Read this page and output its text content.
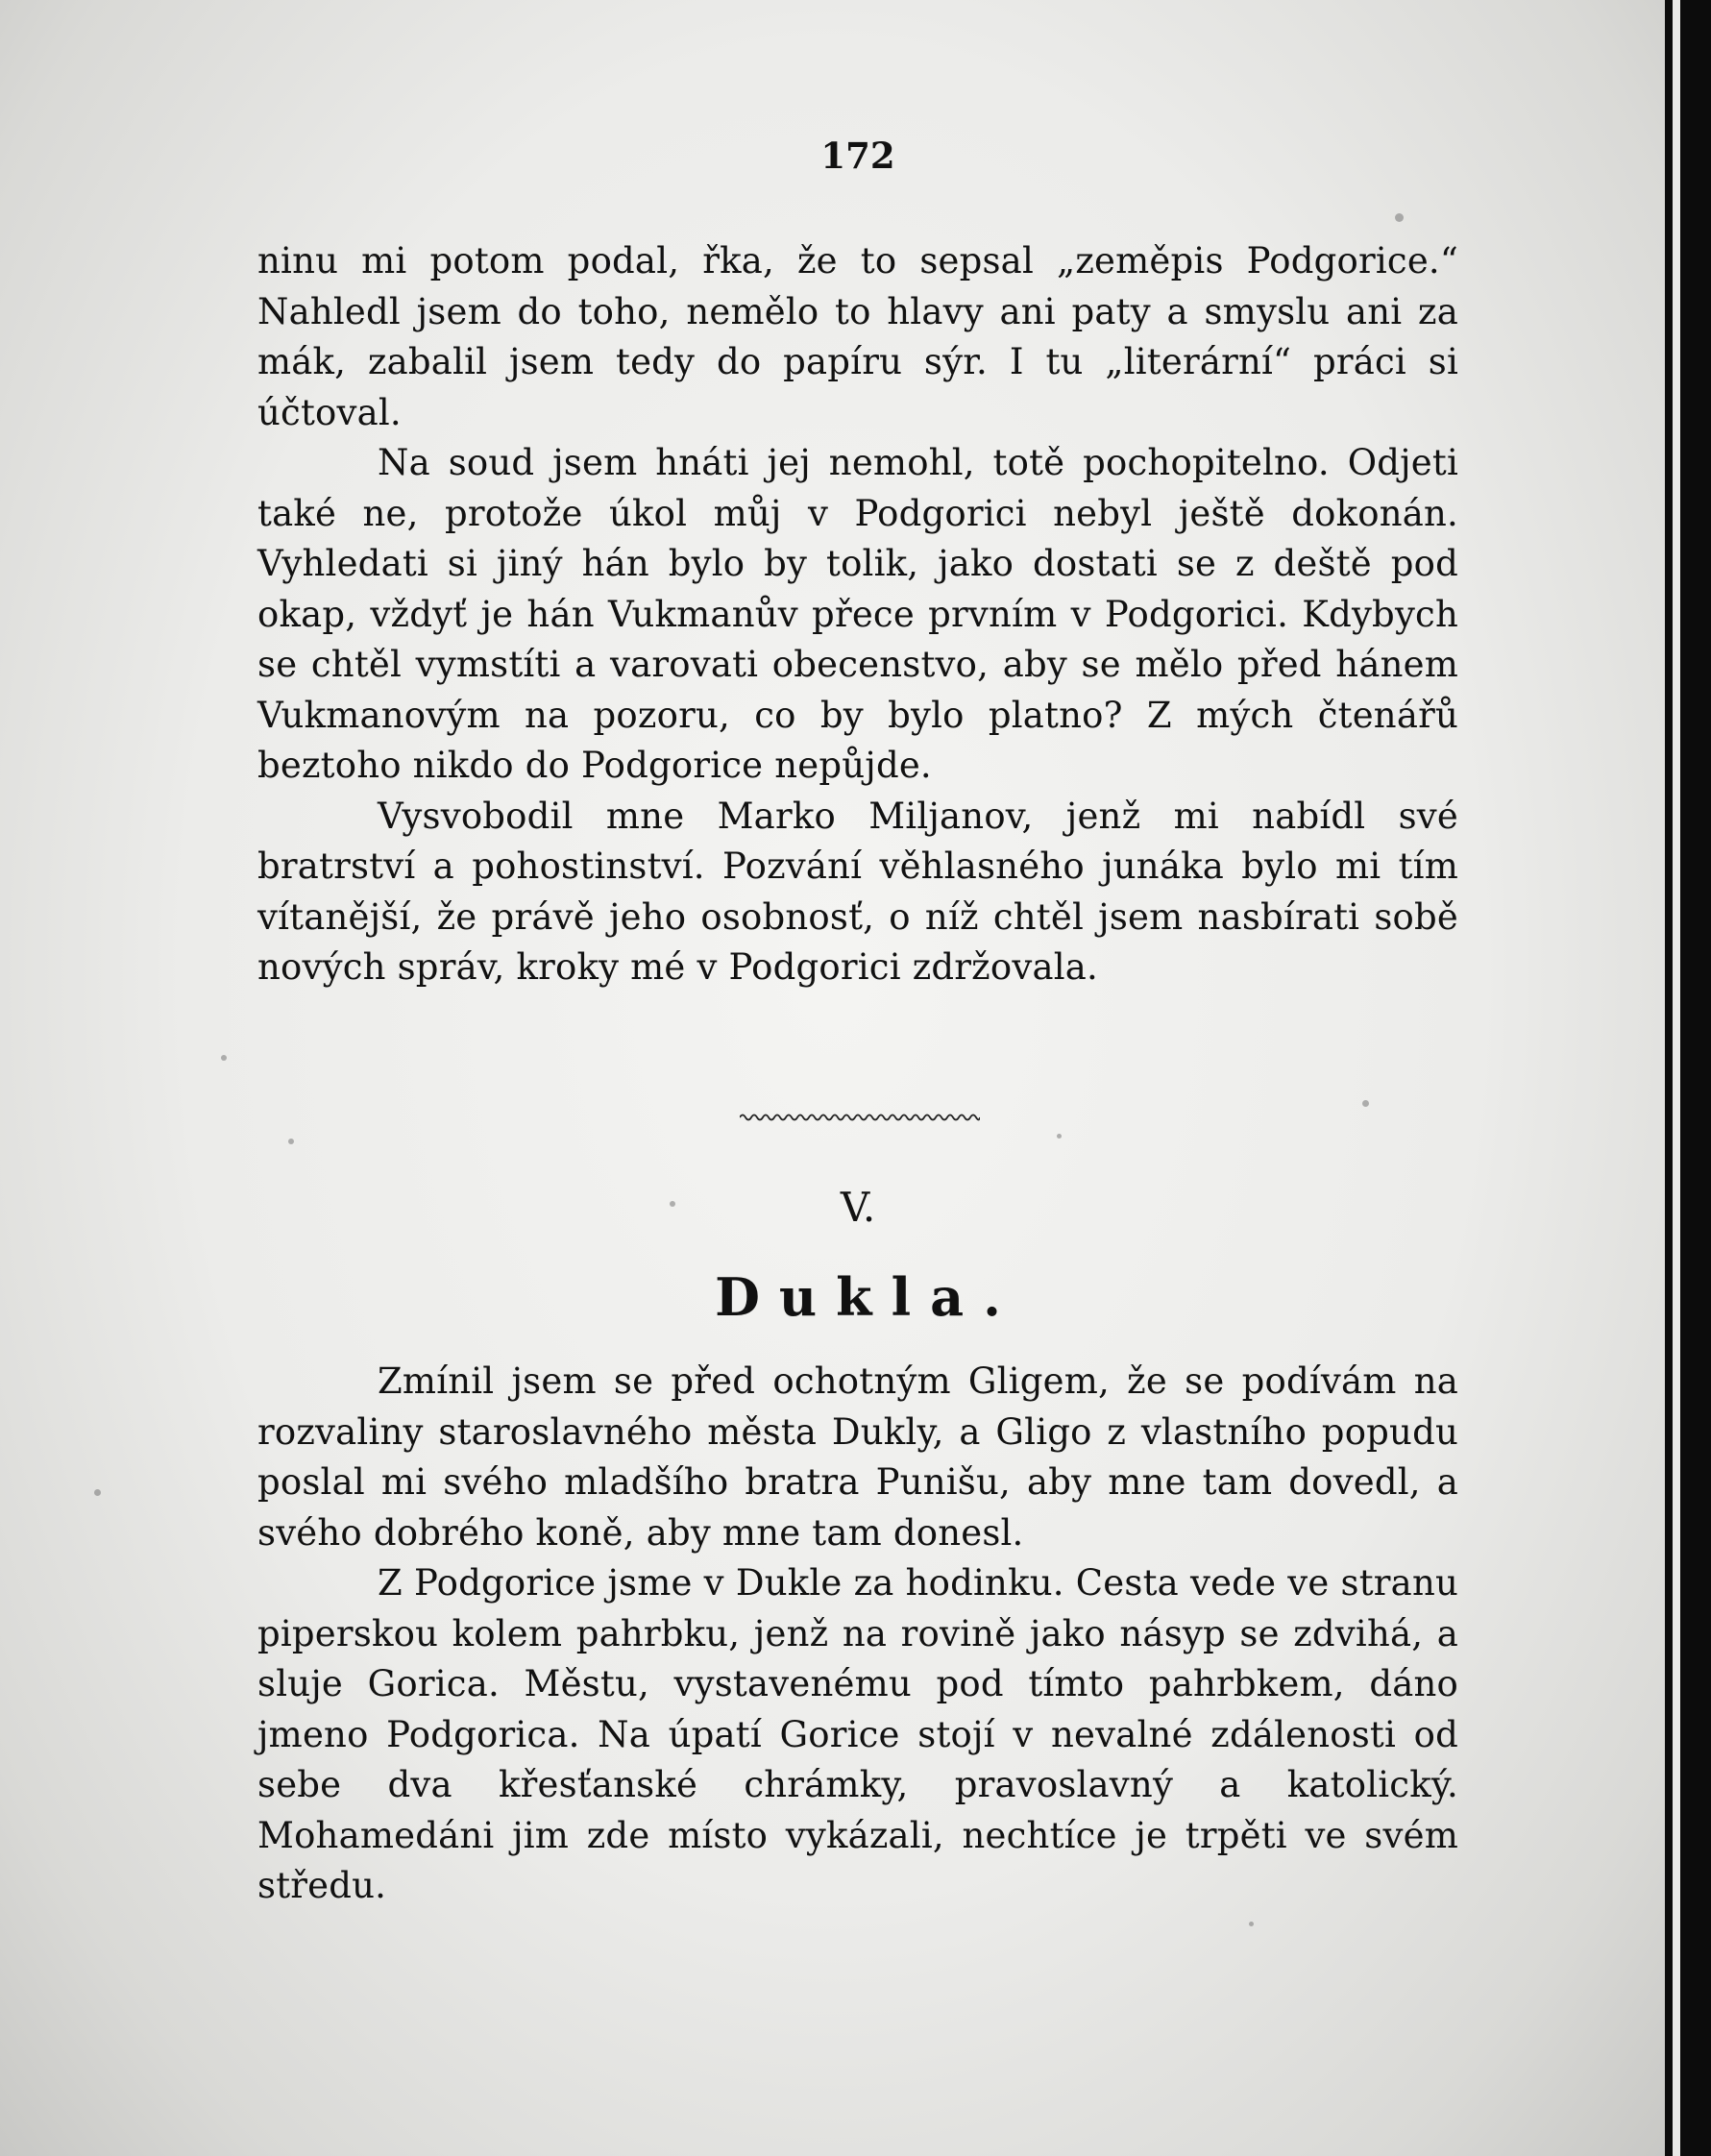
172

ninu mi potom podal, řka, že to sepsal „zeměpis Podgorice.“ Nahledl jsem do toho, nemělo to hlavy ani paty a smyslu ani za mák, zabalil jsem tedy do papíru sýr. I tu „literární“ práci si účtoval.

Na soud jsem hnáti jej nemohl, totě pochopitelno. Odjeti také ne, protože úkol můj v Podgorici nebyl ještě dokonán. Vyhledati si jiný hán bylo by tolik, jako dostati se z deště pod okap, vždyť je hán Vukmanův přece prvním v Podgorici. Kdybych se chtěl vymstíti a varovati obecenstvo, aby se mělo před hánem Vukmanovým na pozoru, co by bylo platno? Z mých čtenářů beztoho nikdo do Podgorice nepůjde.

Vysvobodil mne Marko Miljanov, jenž mi nabídl své bratrství a pohostinství. Pozvání věhlasného junáka bylo mi tím vítanější, že právě jeho osobnosť, o níž chtěl jsem nasbírati sobě nových správ, kroky mé v Podgorici zdržovala.

V.

Dukla.

Zmínil jsem se před ochotným Gligem, že se podívám na rozvaliny staroslavného města Dukly, a Gligo z vlastního popudu poslal mi svého mladšího bratra Punišu, aby mne tam dovedl, a svého dobrého koně, aby mne tam donesl.

Z Podgorice jsme v Dukle za hodinku. Cesta vede ve stranu piperskou kolem pahrbku, jenž na rovině jako násyp se zdvihá, a sluje Gorica. Městu, vystavenému pod tímto pahrbkem, dáno jmeno Podgorica. Na úpatí Gorice stojí v nevalné zdálenosti od sebe dva křesťanské chrámky, pravoslavný a katolický. Mohamedáni jim zde místo vykázali, nechtíce je trpěti ve svém středu.
